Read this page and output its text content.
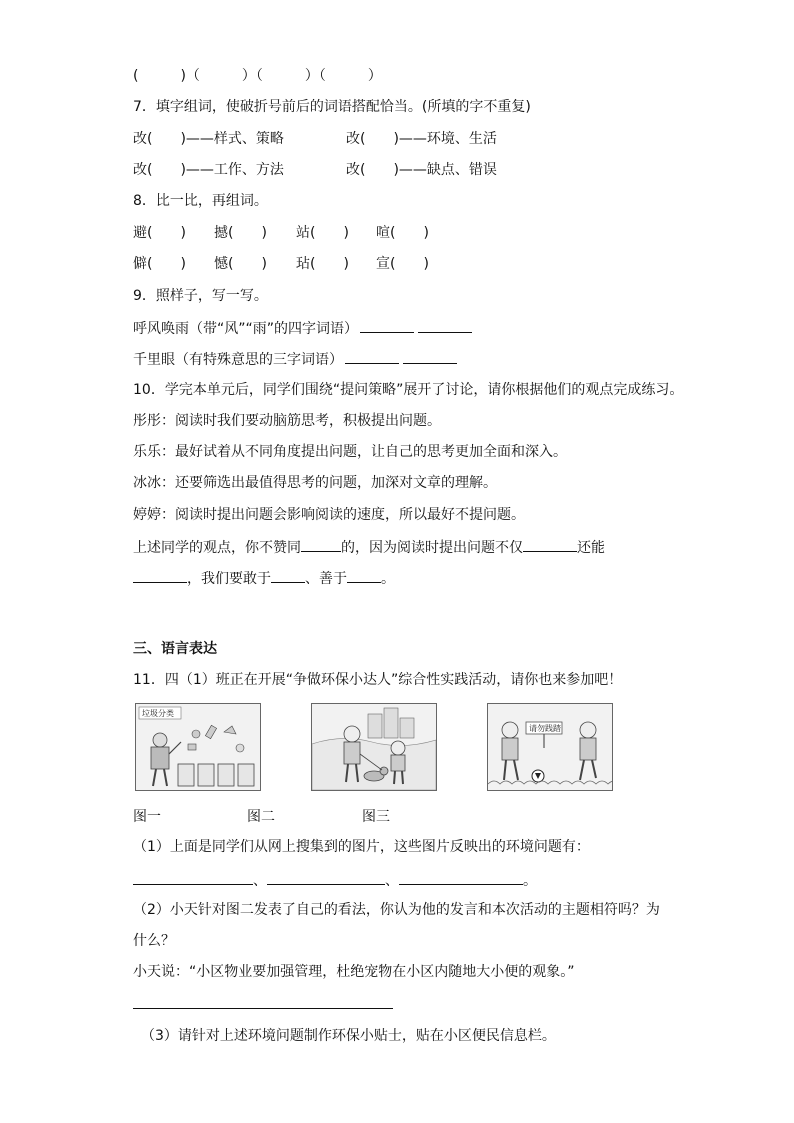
(　　　)（　　　）（　　　）（　　　）
7．填字组词，使破折号前后的词语搭配恰当。(所填的字不重复)
改(　　)——样式、策略	改(　　)——环境、生活
改(　　)——工作、方法	改(　　)——缺点、错误
8．比一比，再组词。
避(　　) 撼(　　) 站(　　) 喧(　　)
僻(　　) 憾(　　) 玷(　　) 宣(　　)
9．照样子，写一写。
呼风唤雨（带“风”“雨”的四字词语）
千里眼（有特殊意思的三字词语）
10．学完本单元后，同学们围绕“提问策略”展开了讨论，请你根据他们的观点完成练习。
彤彤：阅读时我们要动脑筋思考，积极提出问题。
乐乐：最好试着从不同角度提出问题，让自己的思考更加全面和深入。
冰冰：还要筛选出最值得思考的问题，加深对文章的理解。
婷婷：阅读时提出问题会影响阅读的速度，所以最好不提问题。
上述同学的观点，你不赞同	的，因为阅读时提出问题不仅	还能
，我们要敢于 、善于 。
三、语言表达
11．四（1）班正在开展“争做环保小达人”综合性实践活动，请你也来参加吧！
垃圾分类
请勿践踏
图一	图二	图三
（1）上面是同学们从网上搜集到的图片，这些图片反映出的环境问题有：
、	、	。
（2）小天针对图二发表了自己的看法，你认为他的发言和本次活动的主题相符吗？为
什么？
小天说：“小区物业要加强管理，杜绝宠物在小区内随地大小便的观象。”
（3）请针对上述环境问题制作环保小贴士，贴在小区便民信息栏。
